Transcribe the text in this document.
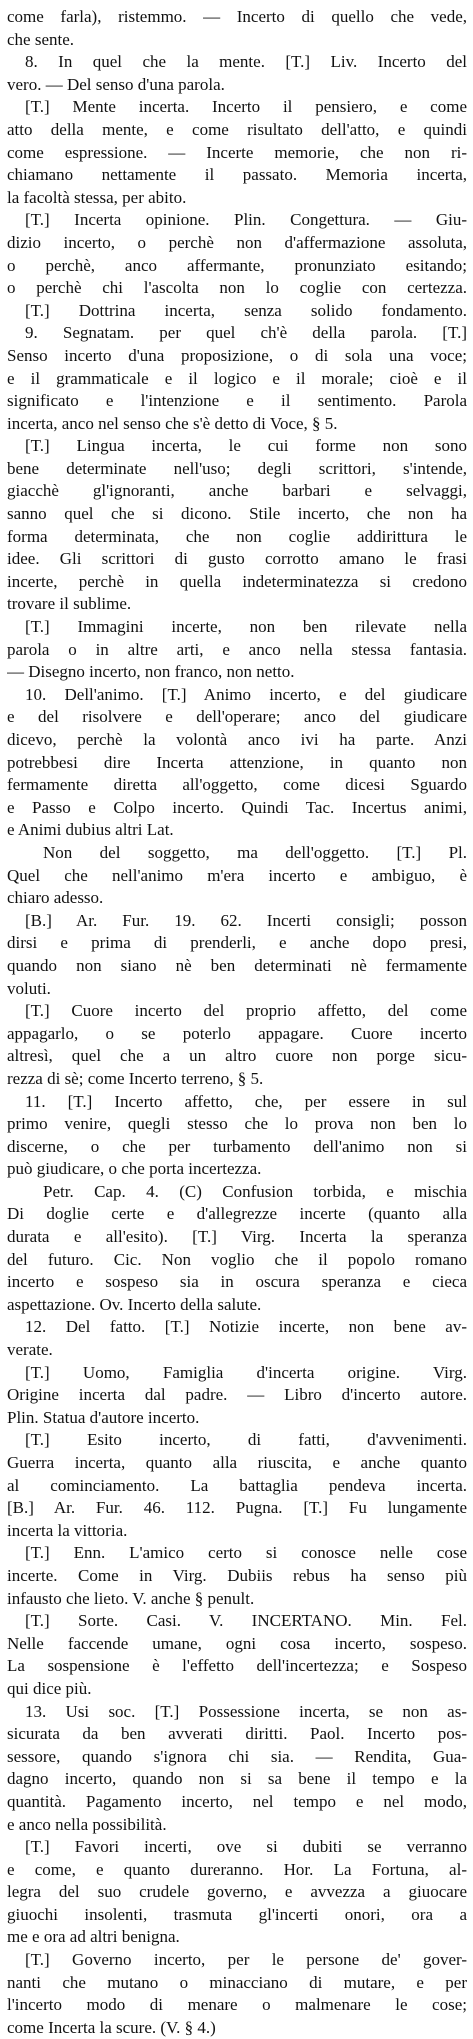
come farla), ristemmo. — Incerto di quello che vede,
che sente.
8. In quel che la mente. [T.] Liv. Incerto del
vero. — Del senso d'una parola.
[T.] Mente incerta. Incerto il pensiero, e come
atto della mente, e come risultato dell'atto, e quindi
come espressione. — Incerte memorie, che non ri-
chiamano nettamente il passato. Memoria incerta,
la facoltà stessa, per abito.
[T.] Incerta opinione. Plin. Congettura. — Giu-
dizio incerto, o perchè non d'affermazione assoluta,
o perchè, anco affermante, pronunziato esitando;
o perchè chi l'ascolta non lo coglie con certezza.
[T.] Dottrina incerta, senza solido fondamento.
9. Segnatam. per quel ch'è della parola. [T.]
Senso incerto d'una proposizione, o di sola una voce;
e il grammaticale e il logico e il morale; cioè e il
significato e l'intenzione e il sentimento. Parola
incerta, anco nel senso che s'è detto di Voce, § 5.
[T.] Lingua incerta, le cui forme non sono
bene determinate nell'uso; degli scrittori, s'intende,
giacchè gl'ignoranti, anche barbari e selvaggi,
sanno quel che si dicono. Stile incerto, che non ha
forma determinata, che non coglie addirittura le
idee. Gli scrittori di gusto corrotto amano le frasi
incerte, perchè in quella indeterminatezza si credono
trovare il sublime.
[T.] Immagini incerte, non ben rilevate nella
parola o in altre arti, e anco nella stessa fantasia.
— Disegno incerto, non franco, non netto.
10. Dell'animo. [T.] Animo incerto, e del giudicare
e del risolvere e dell'operare; anco del giudicare
dicevo, perchè la volontà anco ivi ha parte. Anzi
potrebbesi dire Incerta attenzione, in quanto non
fermamente diretta all'oggetto, come dicesi Sguardo
e Passo e Colpo incerto. Quindi Tac. Incertus animi,
e Animi dubius altri Lat.
Non del soggetto, ma dell'oggetto. [T.] Pl.
Quel che nell'animo m'era incerto e ambiguo, è
chiaro adesso.
[B.] Ar. Fur. 19. 62. Incerti consigli; posson
dirsi e prima di prenderli, e anche dopo presi,
quando non siano nè ben determinati nè fermamente
voluti.
[T.] Cuore incerto del proprio affetto, del come
appagarlo, o se poterlo appagare. Cuore incerto
altresì, quel che a un altro cuore non porge sicu-
rezza di sè; come Incerto terreno, § 5.
11. [T.] Incerto affetto, che, per essere in sul
primo venire, quegli stesso che lo prova non ben lo
discerne, o che per turbamento dell'animo non si
può giudicare, o che porta incertezza.
Petr. Cap. 4. (C) Confusion torbida, e mischia
Di doglie certe e d'allegrezze incerte (quanto alla
durata e all'esito). [T.] Virg. Incerta la speranza
del futuro. Cic. Non voglio che il popolo romano
incerto e sospeso sia in oscura speranza e cieca
aspettazione. Ov. Incerto della salute.
12. Del fatto. [T.] Notizie incerte, non bene av-
verate.
[T.] Uomo, Famiglia d'incerta origine. Virg.
Origine incerta dal padre. — Libro d'incerto autore.
Plin. Statua d'autore incerto.
[T.] Esito incerto, di fatti, d'avvenimenti.
Guerra incerta, quanto alla riuscita, e anche quanto
al cominciamento. La battaglia pendeva incerta.
[B.] Ar. Fur. 46. 112. Pugna. [T.] Fu lungamente
incerta la vittoria.
[T.] Enn. L'amico certo si conosce nelle cose
incerte. Come in Virg. Dubiis rebus ha senso più
infausto che lieto. V. anche § penult.
[T.] Sorte. Casi. V. INCERTANO. Min. Fel.
Nelle faccende umane, ogni cosa incerto, sospeso.
La sospensione è l'effetto dell'incertezza; e Sospeso
qui dice più.
13. Usi soc. [T.] Possessione incerta, se non as-
sicurata da ben avverati diritti. Paol. Incerto pos-
sessore, quando s'ignora chi sia. — Rendita, Gua-
dagno incerto, quando non si sa bene il tempo e la
quantità. Pagamento incerto, nel tempo e nel modo,
e anco nella possibilità.
[T.] Favori incerti, ove si dubiti se verranno
e come, e quanto dureranno. Hor. La Fortuna, al-
legra del suo crudele governo, e avvezza a giuocare
giuochi insolenti, trasmuta gl'incerti onori, ora a
me e ora ad altri benigna.
[T.] Governo incerto, per le persone de' gover-
nanti che mutano o minacciano di mutare, e per
l'incerto modo di menare o malmenare le cose;
come Incerta la scure. (V. § 4.)
